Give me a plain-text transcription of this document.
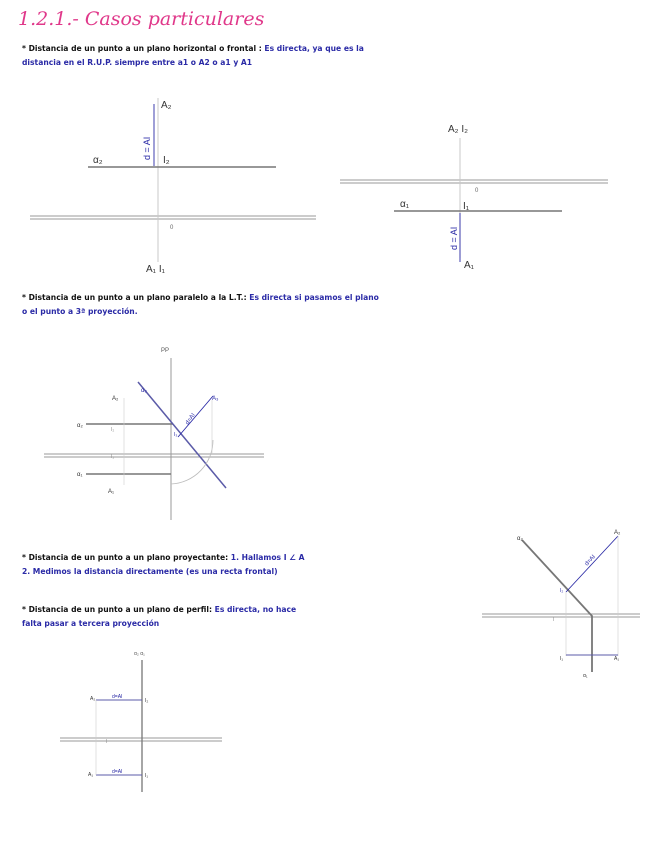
1.2.1.- Casos particulares
* Distancia de un punto a un plano horizontal o frontal : Es directa, ya que es la
distancia en el R.U.P. siempre entre a1 o A2 o a1 y A1
A₂
I₂
α₂
d = AI
0
A₁ I₁
A₂ I₂
0
α₁	I₁
d = AI
A₁
* Distancia de un punto a un plano paralelo a la L.T.: Es directa si pasamos el plano
o el punto a 3ª proyección.
PP
A₂
α₃
A₃
d=AI
α₂
I₂
I₁
α₁
A₁
I₃
* Distancia de un punto a un plano proyectante: 1. Hallamos I ∠ A
2. Medimos la distancia directamente (es una recta frontal)
* Distancia de un punto a un plano de perfil: Es directa, no hace
falta pasar a tercera proyección
α₂
A₂
I₂
d=AI
I
I₁	A₁
α₁
α₂ α₁
A₂	d=AI
I₂
I
A₁	d=AI
I₁
